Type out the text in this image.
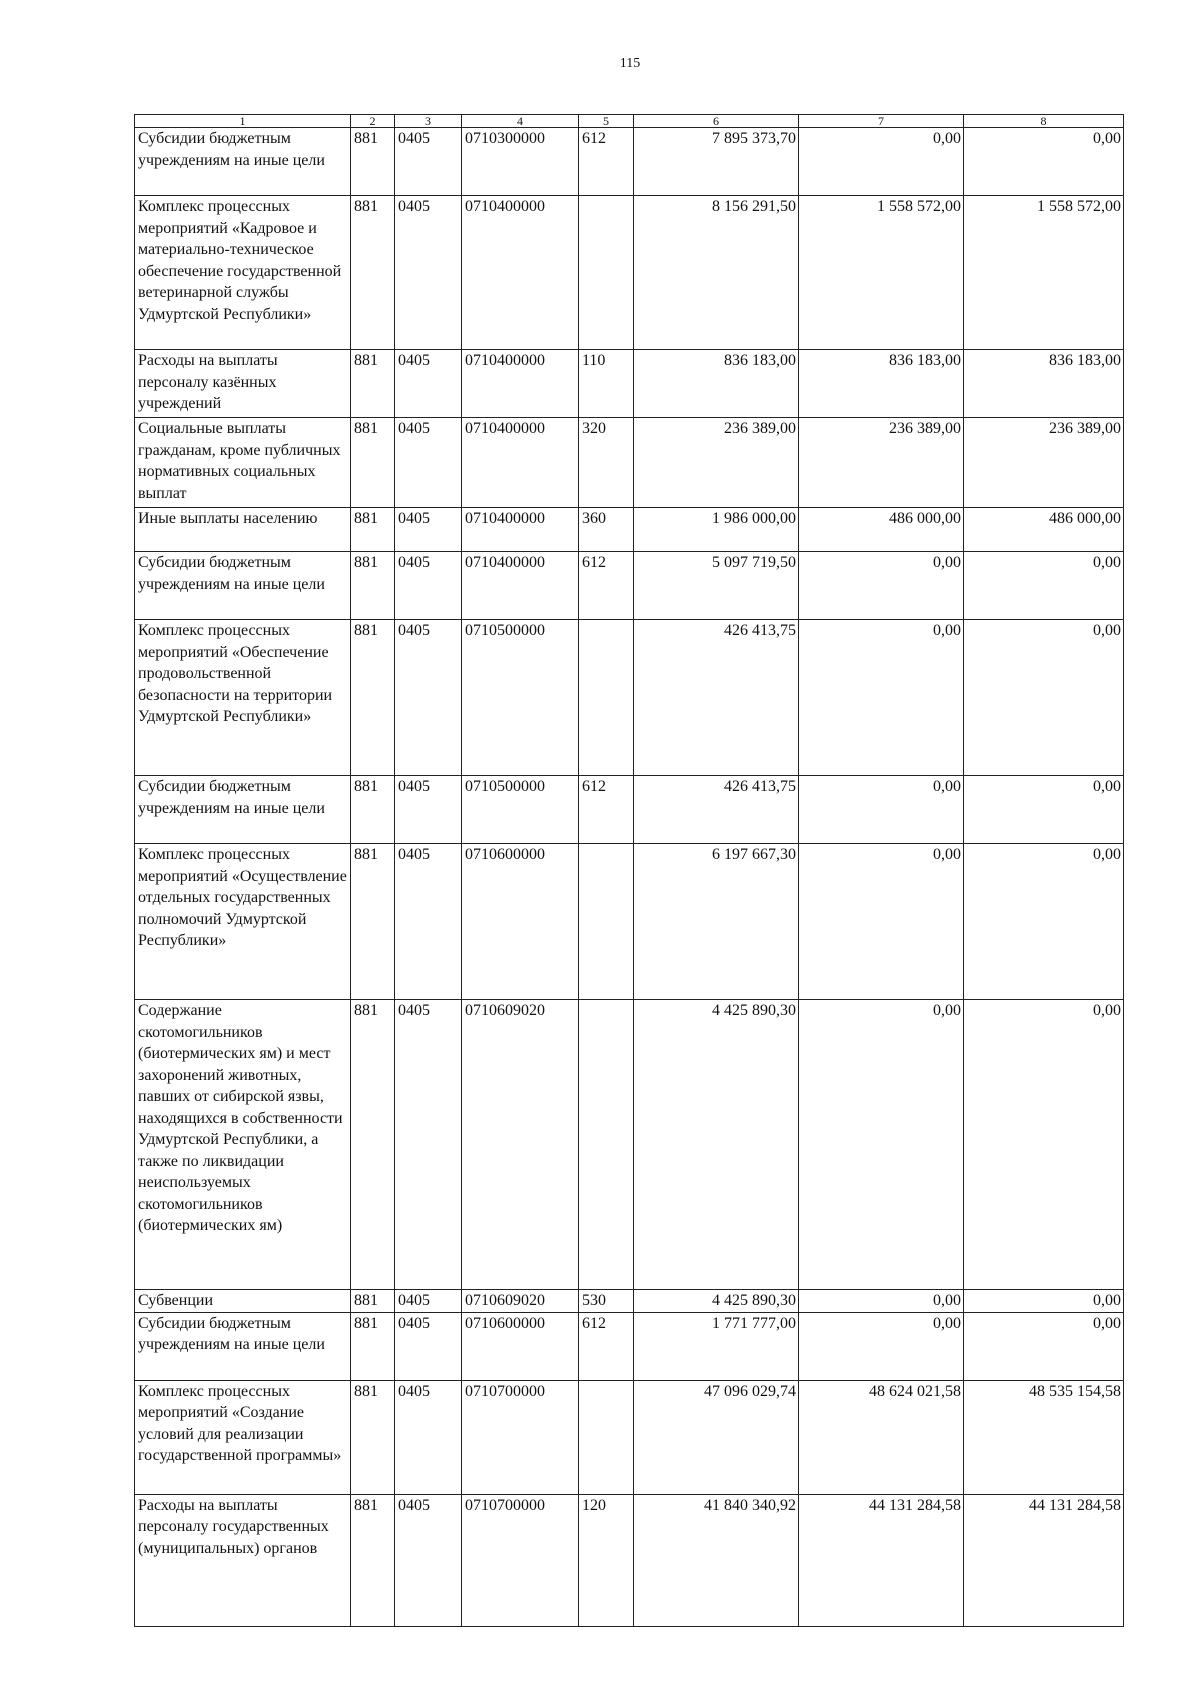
115
1	2	3	4	5	6	7	8
Субсидии бюджетным учреждениям на иные цели	881	0405	0710300000	612	7 895 373,70	0,00	0,00
Комплекс процессных мероприятий «Кадровое и материально-техническое обеспечение государственной ветеринарной службы Удмуртской Республики»	881	0405	0710400000		8 156 291,50	1 558 572,00	1 558 572,00
Расходы на выплаты персоналу казённых учреждений	881	0405	0710400000	110	836 183,00	836 183,00	836 183,00
Социальные выплаты гражданам, кроме публичных нормативных социальных выплат	881	0405	0710400000	320	236 389,00	236 389,00	236 389,00
Иные выплаты населению	881	0405	0710400000	360	1 986 000,00	486 000,00	486 000,00
Субсидии бюджетным учреждениям на иные цели	881	0405	0710400000	612	5 097 719,50	0,00	0,00
Комплекс процессных мероприятий «Обеспечение продовольственной безопасности на территории Удмуртской Республики»	881	0405	0710500000		426 413,75	0,00	0,00
Субсидии бюджетным учреждениям на иные цели	881	0405	0710500000	612	426 413,75	0,00	0,00
Комплекс процессных мероприятий «Осуществление отдельных государственных полномочий Удмуртской Республики»	881	0405	0710600000		6 197 667,30	0,00	0,00
Содержание скотомогильников (биотермических ям) и мест захоронений животных, павших от сибирской язвы, находящихся в собственности Удмуртской Республики, а также по ликвидации неиспользуемых скотомогильников (биотермических ям)	881	0405	0710609020		4 425 890,30	0,00	0,00
Субвенции	881	0405	0710609020	530	4 425 890,30	0,00	0,00
Субсидии бюджетным учреждениям на иные цели	881	0405	0710600000	612	1 771 777,00	0,00	0,00
Комплекс процессных мероприятий «Создание условий для реализации государственной программы»	881	0405	0710700000		47 096 029,74	48 624 021,58	48 535 154,58
Расходы на выплаты персоналу государственных (муниципальных) органов	881	0405	0710700000	120	41 840 340,92	44 131 284,58	44 131 284,58
